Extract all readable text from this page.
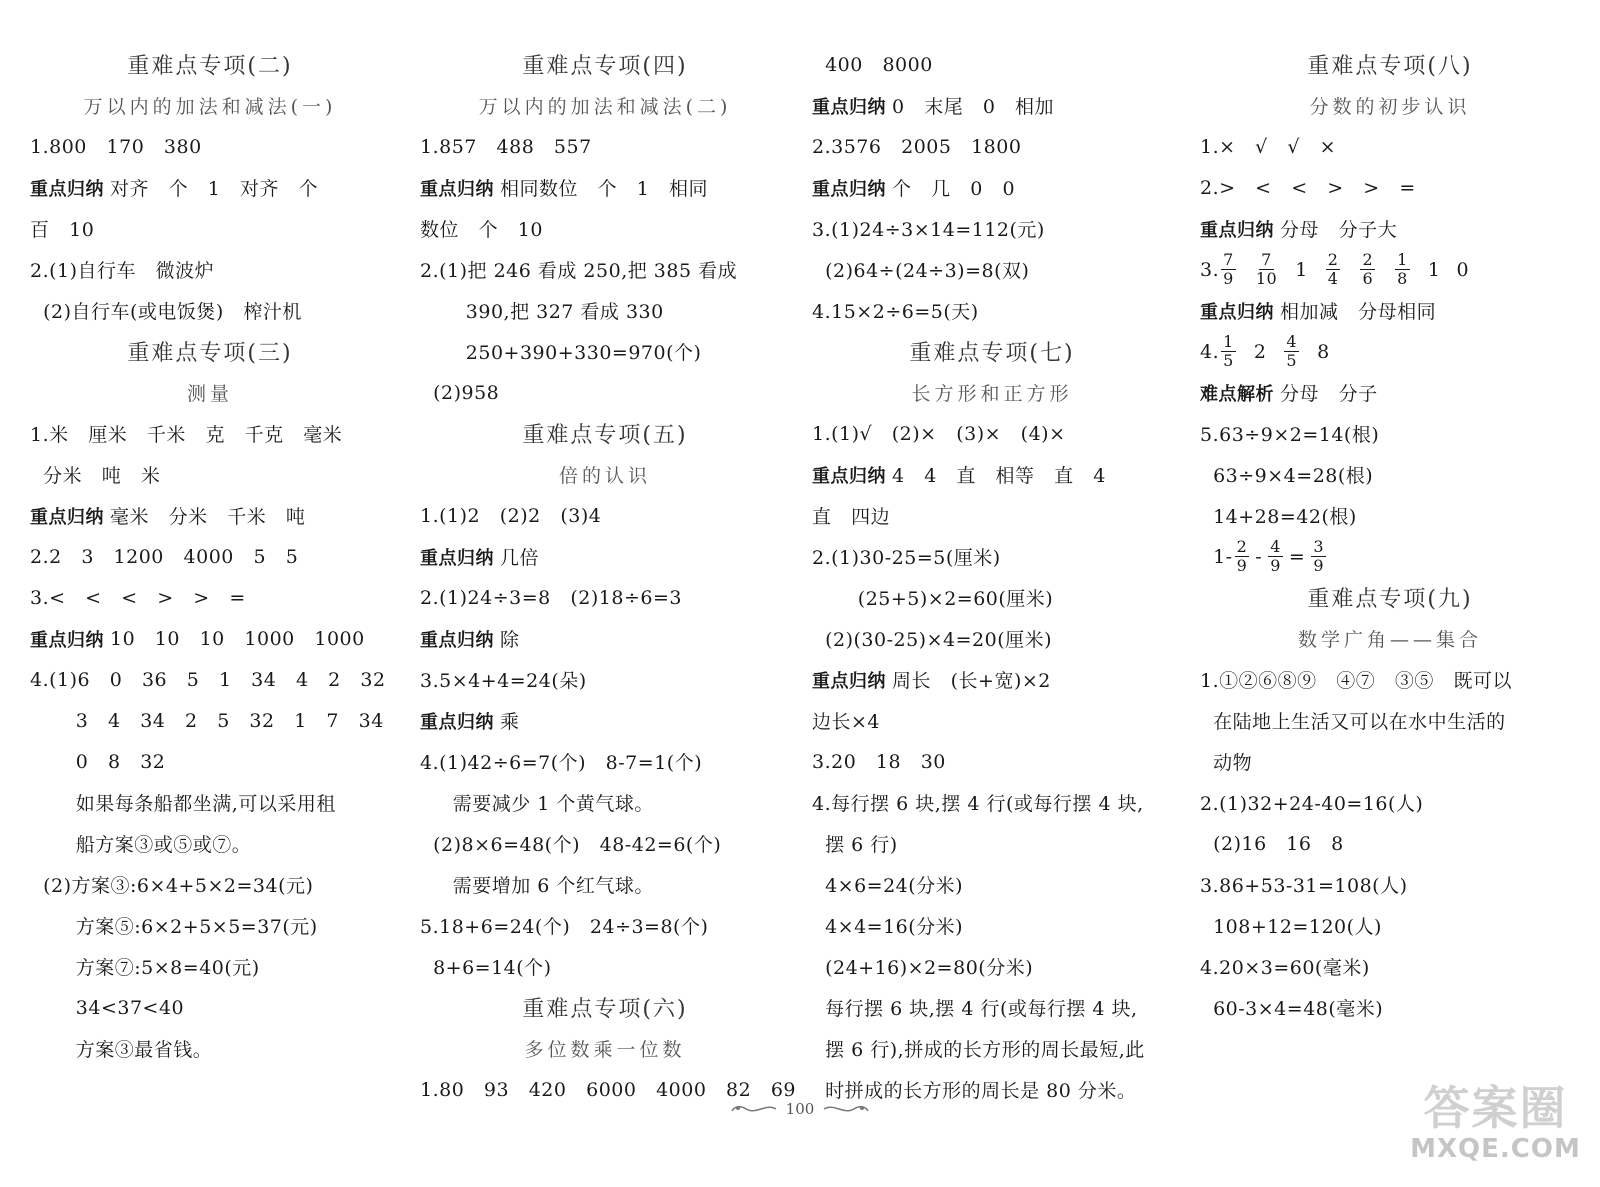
重难点专项(二)
万以内的加法和减法(一)
1.800   170   380
重点归纳 对齐   个   1   对齐   个
百   10
2.(1)自行车   微波炉
(2)自行车(或电饭煲)   榨汁机
重难点专项(三)
测量
1.米   厘米   千米   克   千克   毫米
分米   吨   米
重点归纳 毫米   分米   千米   吨
2.2   3   1200   4000   5   5
3.<   <   <   >   >   =
重点归纳 10   10   10   1000   1000
4.(1)6   0   36   5   1   34   4   2   32
3   4   34   2   5   32   1   7   34
0   8   32
如果每条船都坐满,可以采用租
船方案③或⑤或⑦。
(2)方案③:6×4+5×2=34(元)
方案⑤:6×2+5×5=37(元)
方案⑦:5×8=40(元)
34<37<40
方案③最省钱。
重难点专项(四)
万以内的加法和减法(二)
1.857   488   557
重点归纳 相同数位   个   1   相同
数位   个   10
2.(1)把 246 看成 250,把 385 看成
390,把 327 看成 330
250+390+330=970(个)
(2)958
重难点专项(五)
倍的认识
1.(1)2   (2)2   (3)4
重点归纳 几倍
2.(1)24÷3=8   (2)18÷6=3
重点归纳 除
3.5×4+4=24(朵)
重点归纳 乘
4.(1)42÷6=7(个)   8-7=1(个)
需要减少 1 个黄气球。
(2)8×6=48(个)   48-42=6(个)
需要增加 6 个红气球。
5.18+6=24(个)   24÷3=8(个)
8+6=14(个)
重难点专项(六)
多位数乘一位数
1.80   93   420   6000   4000   82   69
400   8000
重点归纳 0   末尾   0   相加
2.3576   2005   1800
重点归纳 个   几   0   0
3.(1)24÷3×14=112(元)
(2)64÷(24÷3)=8(双)
4.15×2÷6=5(天)
重难点专项(七)
长方形和正方形
1.(1)√   (2)×   (3)×   (4)×
重点归纳 4   4   直   相等   直   4
直   四边
2.(1)30-25=5(厘米)
(25+5)×2=60(厘米)
(2)(30-25)×4=20(厘米)
重点归纳 周长   (长+宽)×2
边长×4
3.20   18   30
4.每行摆 6 块,摆 4 行(或每行摆 4 块,
摆 6 行)
4×6=24(分米)
4×4=16(分米)
(24+16)×2=80(分米)
每行摆 6 块,摆 4 行(或每行摆 4 块,
摆 6 行),拼成的长方形的周长最短,此
时拼成的长方形的周长是 80 分米。
重难点专项(八)
分数的初步认识
1.×   √   √   ×
2.>   <   <   >   >   =
重点归纳 分母   分子大
3. $\frac{7}{9} \frac{7}{10} 1 \frac{2}{4} \frac{2}{6} \frac{1}{8} 1$ 0
重点归纳 相加减   分母相同
4. $\frac{1}{5} 2 \frac{4}{5} 8$
难点解析 分母   分子
5.63÷9×2=14(根)
63÷9×4=28(根)
14+28=42(根)
$1- \frac{2}{9} - \frac{4}{9} = \frac{3}{9}$
重难点专项(九)
数学广角——集合
1.①②⑥⑧⑨   ④⑦   ③⑤   既可以
在陆地上生活又可以在水中生活的
动物
2.(1)32+24-40=16(人)
(2)16   16   8
3.86+53-31=108(人)
108+12=120(人)
4.20×3=60(毫米)
60-3×4=48(毫米)
100	答案圈
MXQE.COM
